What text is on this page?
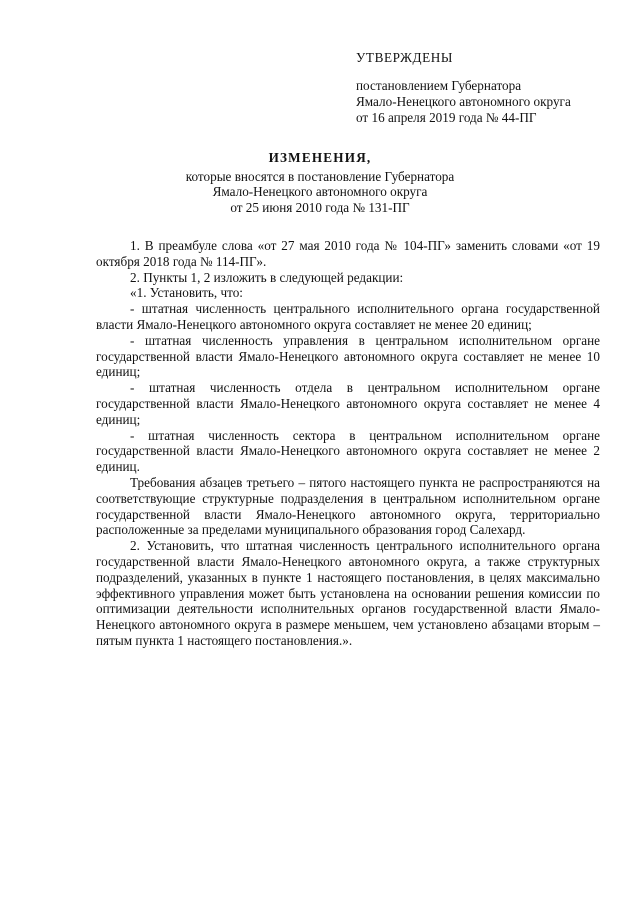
УТВЕРЖДЕНЫ
постановлением Губернатора
Ямало-Ненецкого автономного округа
от 16 апреля 2019 года № 44-ПГ
ИЗМЕНЕНИЯ,
которые вносятся в постановление Губернатора
Ямало-Ненецкого автономного округа
от 25 июня 2010 года № 131-ПГ

1. В преамбуле слова «от 27 мая 2010 года № 104-ПГ» заменить словами «от 19 октября 2018 года № 114-ПГ».

2. Пункты 1, 2 изложить в следующей редакции:

«1. Установить, что:

- штатная численность центрального исполнительного органа государственной власти Ямало-Ненецкого автономного округа составляет не менее 20 единиц;

- штатная численность управления в центральном исполнительном органе государственной власти Ямало-Ненецкого автономного округа составляет не менее 10 единиц;

- штатная численность отдела в центральном исполнительном органе государственной власти Ямало-Ненецкого автономного округа составляет не менее 4 единиц;

- штатная численность сектора в центральном исполнительном органе государственной власти Ямало-Ненецкого автономного округа составляет не менее 2 единиц.

Требования абзацев третьего – пятого настоящего пункта не распространяются на соответствующие структурные подразделения в центральном исполнительном органе государственной власти Ямало-Ненецкого автономного округа, территориально расположенные за пределами муниципального образования город Салехард.

2. Установить, что штатная численность центрального исполнительного органа государственной власти Ямало-Ненецкого автономного округа, а также структурных подразделений, указанных в пункте 1 настоящего постановления, в целях максимально эффективного управления может быть установлена на основании решения комиссии по оптимизации деятельности исполнительных органов государственной власти Ямало-Ненецкого автономного округа в размере меньшем, чем установлено абзацами вторым – пятым пункта 1 настоящего постановления.».
